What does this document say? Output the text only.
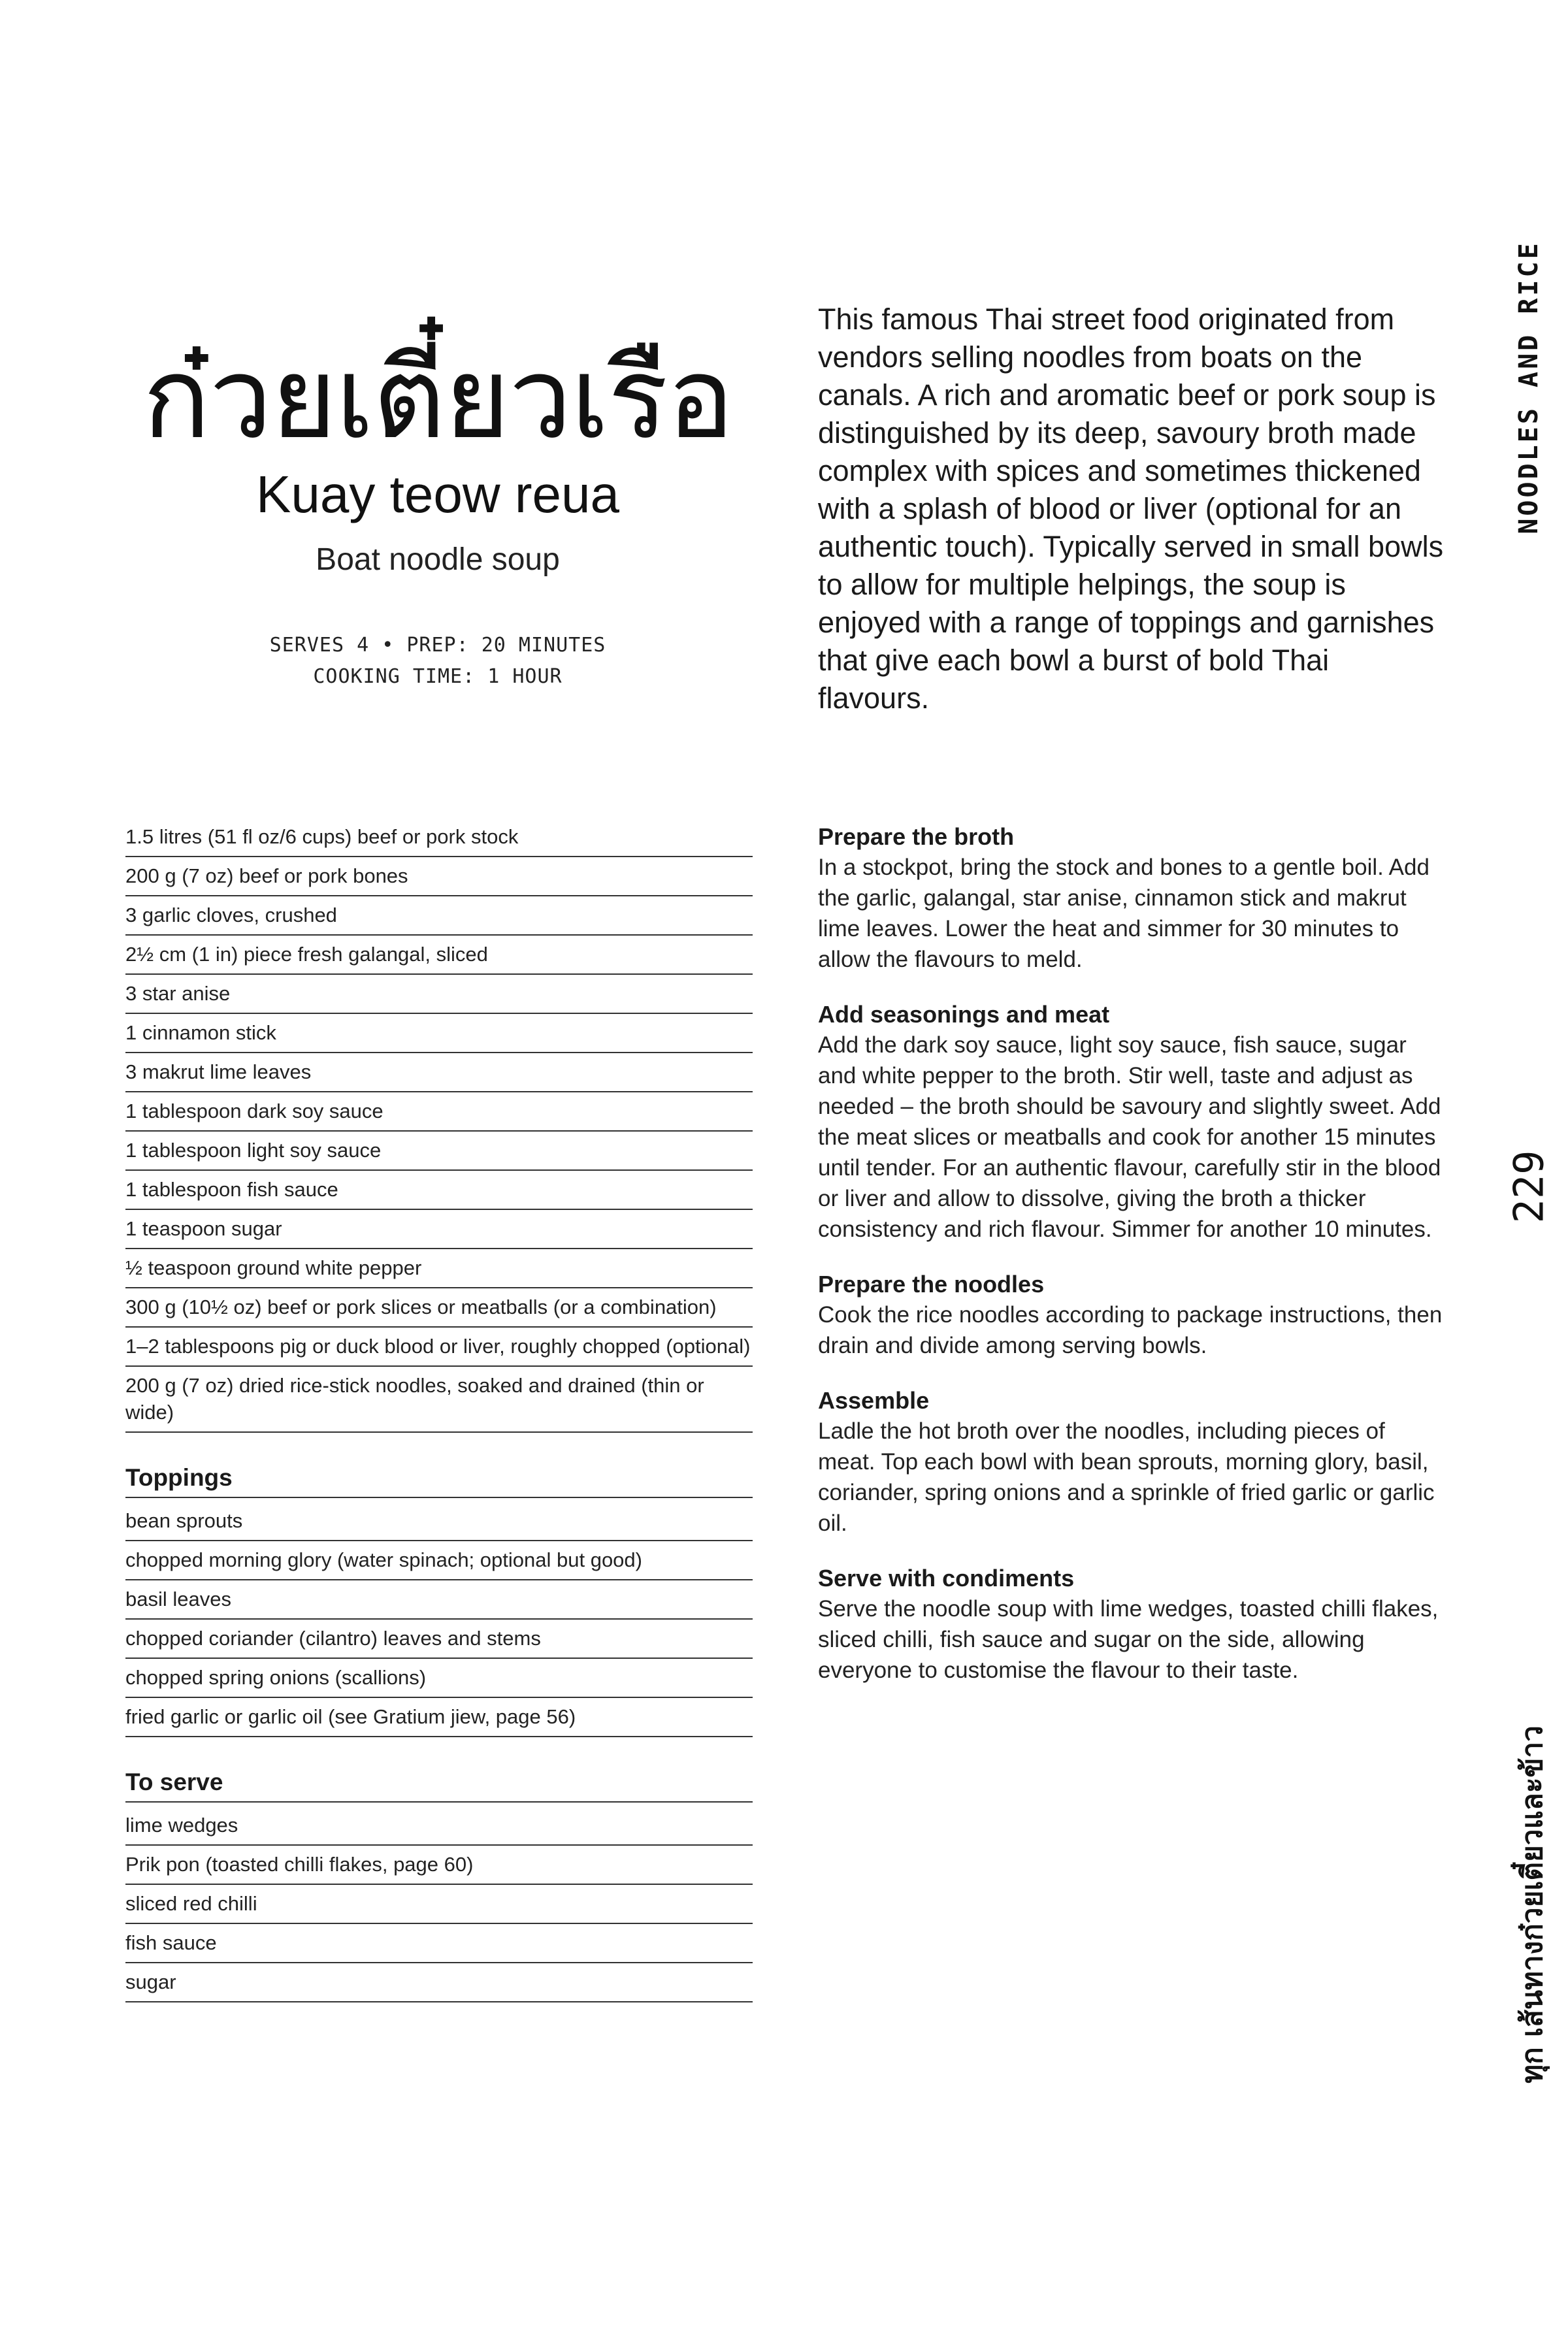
ก๋วยเตี๋ยวเรือ
Kuay teow reua
Boat noodle soup
SERVES 4 • PREP: 20 MINUTES
COOKING TIME: 1 HOUR
This famous Thai street food originated from vendors selling noodles from boats on the canals. A rich and aromatic beef or pork soup is distinguished by its deep, savoury broth made complex with spices and sometimes thickened with a splash of blood or liver (optional for an authentic touch). Typically served in small bowls to allow for multiple helpings, the soup is enjoyed with a range of toppings and garnishes that give each bowl a burst of bold Thai flavours.
1.5 litres (51 fl oz/6 cups) beef or pork stock
200 g (7 oz) beef or pork bones
3 garlic cloves, crushed
2½ cm (1 in) piece fresh galangal, sliced
3 star anise
1 cinnamon stick
3 makrut lime leaves
1 tablespoon dark soy sauce
1 tablespoon light soy sauce
1 tablespoon fish sauce
1 teaspoon sugar
½ teaspoon ground white pepper
300 g (10½ oz) beef or pork slices or meatballs (or a combination)
1–2 tablespoons pig or duck blood or liver, roughly chopped (optional)
200 g (7 oz) dried rice-stick noodles, soaked and drained (thin or wide)
Toppings
bean sprouts
chopped morning glory (water spinach; optional but good)
basil leaves
chopped coriander (cilantro) leaves and stems
chopped spring onions (scallions)
fried garlic or garlic oil (see Gratium jiew, page 56)
To serve
lime wedges
Prik pon (toasted chilli flakes, page 60)
sliced red chilli
fish sauce
sugar
Prepare the broth
In a stockpot, bring the stock and bones to a gentle boil. Add the garlic, galangal, star anise, cinnamon stick and makrut lime leaves. Lower the heat and simmer for 30 minutes to allow the flavours to meld.
Add seasonings and meat
Add the dark soy sauce, light soy sauce, fish sauce, sugar and white pepper to the broth. Stir well, taste and adjust as needed – the broth should be savoury and slightly sweet. Add the meat slices or meatballs and cook for another 15 minutes until tender. For an authentic flavour, carefully stir in the blood or liver and allow to dissolve, giving the broth a thicker consistency and rich flavour. Simmer for another 10 minutes.
Prepare the noodles
Cook the rice noodles according to package instructions, then drain and divide among serving bowls.
Assemble
Ladle the hot broth over the noodles, including pieces of meat. Top each bowl with bean sprouts, morning glory, basil, coriander, spring onions and a sprinkle of fried garlic or garlic oil.
Serve with condiments
Serve the noodle soup with lime wedges, toasted chilli flakes, sliced chilli, fish sauce and sugar on the side, allowing everyone to customise the flavour to their taste.
NOODLES AND RICE
229
ทุก เส้นทางก๋วยเตี๋ยวและข้าว
